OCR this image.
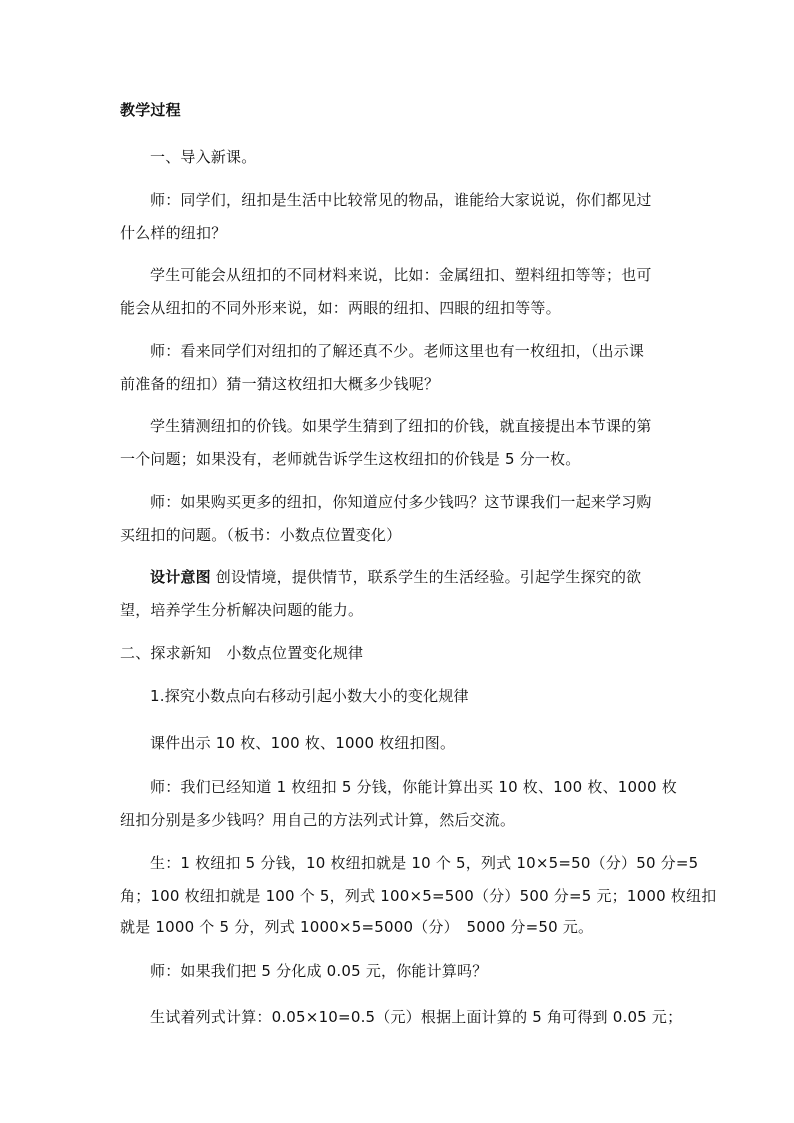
教学过程
一、导入新课。
师：同学们，纽扣是生活中比较常见的物品，谁能给大家说说，你们都见过
什么样的纽扣？
学生可能会从纽扣的不同材料来说，比如：金属纽扣、塑料纽扣等等；也可
能会从纽扣的不同外形来说，如：两眼的纽扣、四眼的纽扣等等。
师：看来同学们对纽扣的了解还真不少。老师这里也有一枚纽扣，（出示课
前准备的纽扣）猜一猜这枚纽扣大概多少钱呢？
学生猜测纽扣的价钱。如果学生猜到了纽扣的价钱，就直接提出本节课的第
一个问题；如果没有，老师就告诉学生这枚纽扣的价钱是 5 分一枚。
师：如果购买更多的纽扣，你知道应付多少钱吗？这节课我们一起来学习购
买纽扣的问题。（板书：小数点位置变化）
设计意图 创设情境，提供情节，联系学生的生活经验。引起学生探究的欲
望，培养学生分析解决问题的能力。
二、探求新知　小数点位置变化规律
1.探究小数点向右移动引起小数大小的变化规律
课件出示 10 枚、100 枚、1000 枚纽扣图。
师：我们已经知道 1 枚纽扣 5 分钱，你能计算出买 10 枚、100 枚、1000 枚
纽扣分别是多少钱吗？用自己的方法列式计算，然后交流。
生：1 枚纽扣 5 分钱，10 枚纽扣就是 10 个 5，列式 10×5=50（分）50 分=5
角；100 枚纽扣就是 100 个 5，列式 100×5=500（分）500 分=5 元；1000 枚纽扣
就是 1000 个 5 分，列式 1000×5=5000（分）　5000 分=50 元。
师：如果我们把 5 分化成 0.05 元，你能计算吗？
生试着列式计算：0.05×10=0.5（元）根据上面计算的 5 角可得到 0.05 元；
